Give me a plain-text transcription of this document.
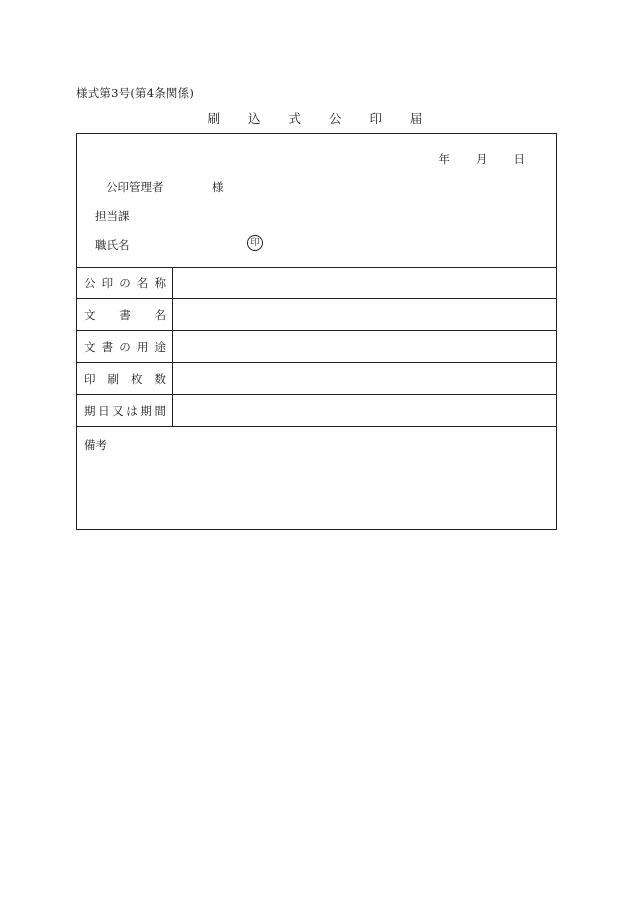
様式第3号(第4条関係)
刷 込 式 公 印 届
年 月 日
公印管理者	様
担当課
職氏名	印
公 印 の 名 称
文 書 名
文 書 の 用 途
印 刷 枚 数
期 日 又 は 期 間
備考
